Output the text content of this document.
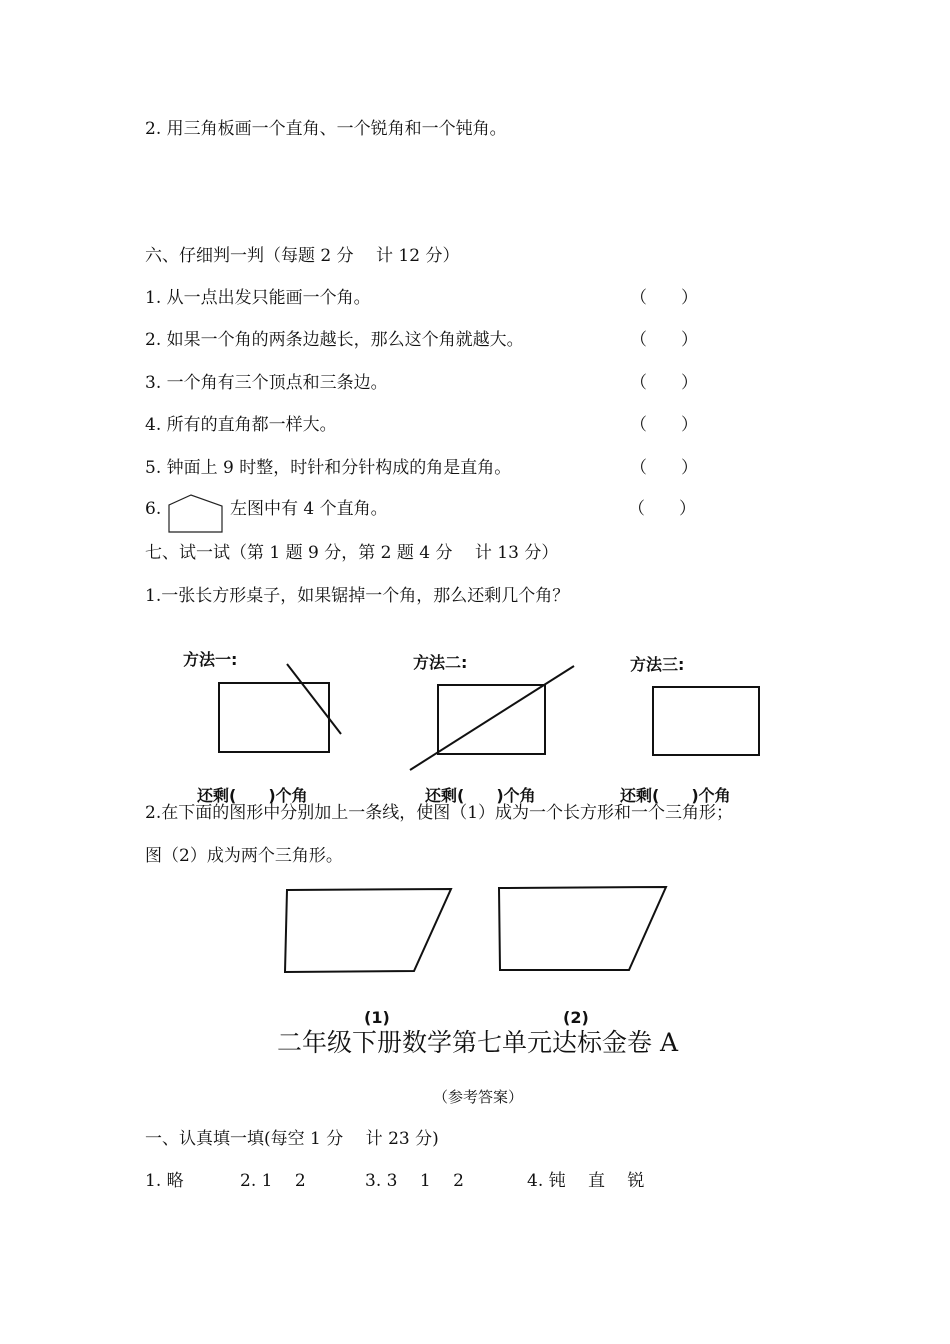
2. 用三角板画一个直角、一个锐角和一个钝角。
六、仔细判一判（每题 2 分　 计 12 分）
1. 从一点出发只能画一个角。	（　　）
2. 如果一个角的两条边越长，那么这个角就越大。	（　　）
3. 一个角有三个顶点和三条边。	（　　）
4. 所有的直角都一样大。	（　　）
5. 钟面上 9 时整，时针和分针构成的角是直角。	（　　）
6.	左图中有 4 个直角。	（　　）
七、试一试（第 1 题 9 分，第 2 题 4 分　 计 13 分）
1.一张长方形桌子，如果锯掉一个角，那么还剩几个角？
方法一:	方法二:	方法三:
还剩(　　)个角	还剩(　　)个角	还剩(　　)个角
2.在下面的图形中分别加上一条线，使图（1）成为一个长方形和一个三角形；
图（2）成为两个三角形。
(1)	(2)
二年级下册数学第七单元达标金卷 A
（参考答案）
一、认真填一填(每空 1 分　 计 23 分)
1. 略	2. 1　 2	3. 3　 1　 2	4. 钝　 直　 锐
